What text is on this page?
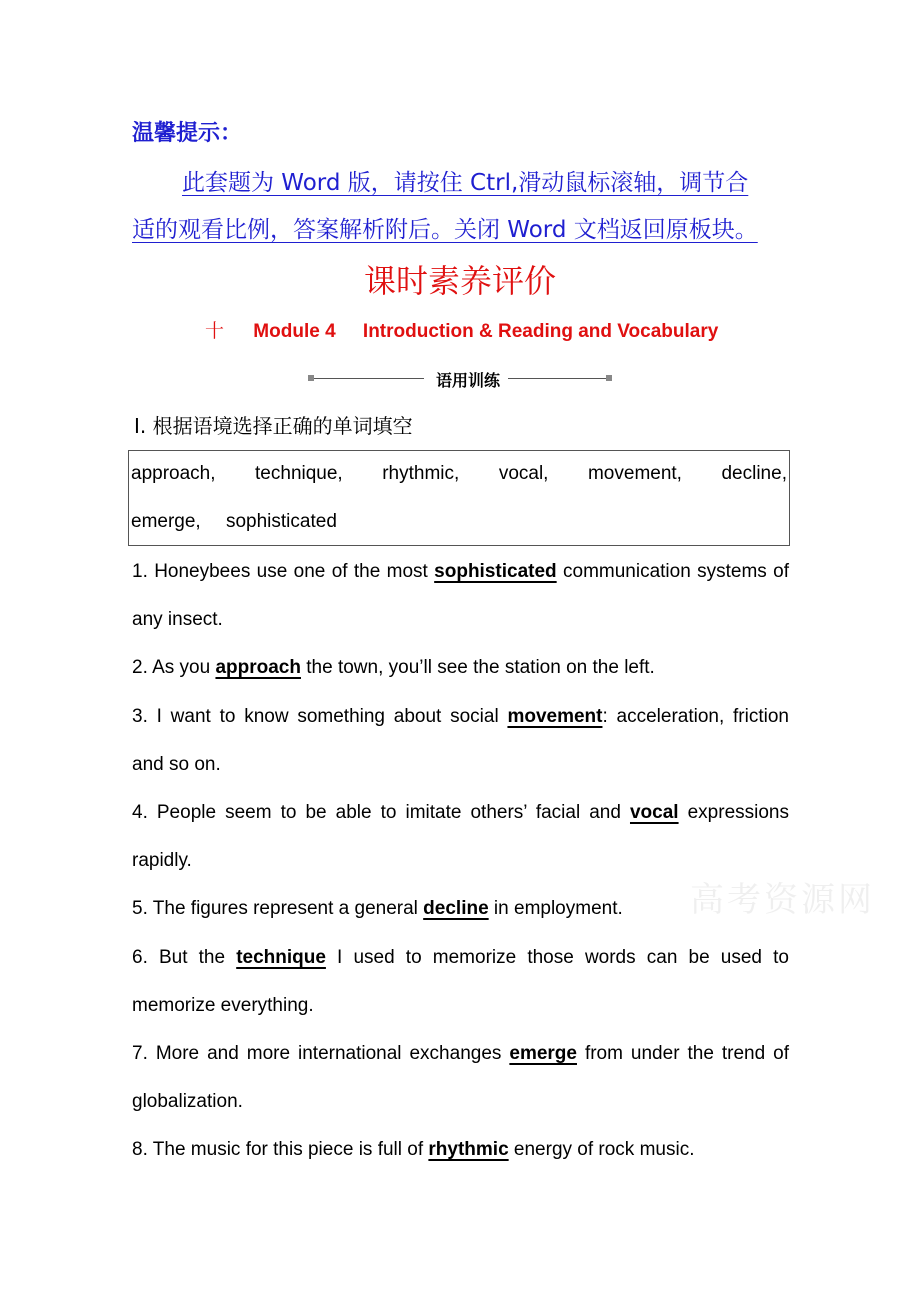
温馨提示：
此套题为 Word 版，请按住 Ctrl,滑动鼠标滚轴，调节合
适的观看比例，答案解析附后。关闭 Word 文档返回原板块。
课时素养评价
十 Module 4 Introduction & Reading and Vocabulary
语用训练
Ⅰ. 根据语境选择正确的单词填空
approach, technique, rhythmic, vocal, movement, decline,
emerge, sophisticated
1. Honeybees use one of the most sophisticated communication systems of any insect.
2. As you approach the town, you’ll see the station on the left.
3. I want to know something about social movement: acceleration, friction and so on.
4. People seem to be able to imitate others’ facial and vocal expressions rapidly.
5. The figures represent a general decline in employment.
6. But the technique I used to memorize those words can be used to memorize everything.
7. More and more international exchanges emerge from under the trend of globalization.
8. The music for this piece is full of rhythmic energy of rock music.
高考资源网
